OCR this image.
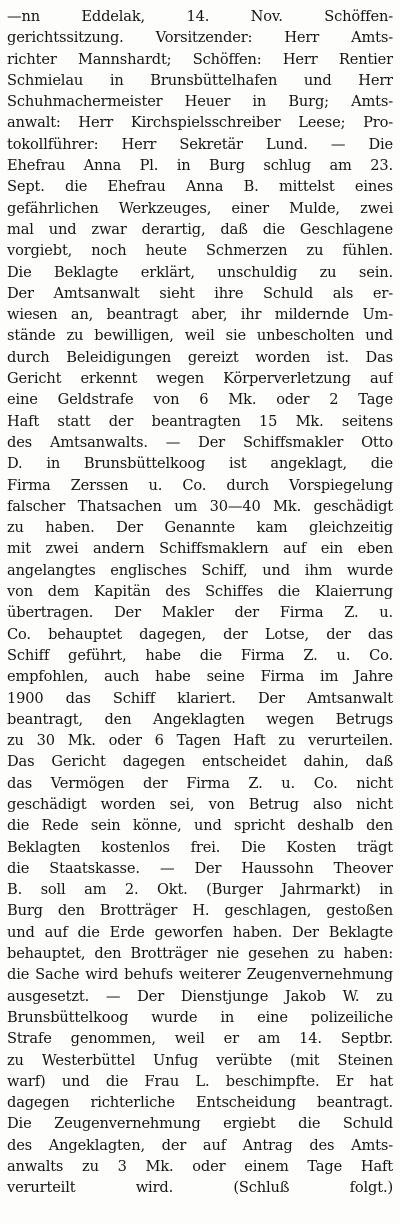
—nn Eddelak, 14. Nov. Schöffen-
gerichtssitzung. Vorsitzender: Herr Amts-
richter Mannshardt; Schöffen: Herr Rentier
Schmielau in Brunsbüttelhafen und Herr
Schuhmachermeister Heuer in Burg; Amts-
anwalt: Herr Kirchspielsschreiber Leese; Pro-
tokollführer: Herr Sekretär Lund. — Die
Ehefrau Anna Pl. in Burg schlug am 23.
Sept. die Ehefrau Anna B. mittelst eines
gefährlichen Werkzeuges, einer Mulde, zwei
mal und zwar derartig, daß die Geschlagene
vorgiebt, noch heute Schmerzen zu fühlen.
Die Beklagte erklärt, unschuldig zu sein.
Der Amtsanwalt sieht ihre Schuld als er-
wiesen an, beantragt aber, ihr mildernde Um-
stände zu bewilligen, weil sie unbescholten und
durch Beleidigungen gereizt worden ist. Das
Gericht erkennt wegen Körperverletzung auf
eine Geldstrafe von 6 Mk. oder 2 Tage
Haft statt der beantragten 15 Mk. seitens
des Amtsanwalts. — Der Schiffsmakler Otto
D. in Brunsbüttelkoog ist angeklagt, die
Firma Zerssen u. Co. durch Vorspiegelung
falscher Thatsachen um 30—40 Mk. geschädigt
zu haben. Der Genannte kam gleichzeitig
mit zwei andern Schiffsmaklern auf ein eben
angelangtes englisches Schiff, und ihm wurde
von dem Kapitän des Schiffes die Klaierrung
übertragen. Der Makler der Firma Z. u.
Co. behauptet dagegen, der Lotse, der das
Schiff geführt, habe die Firma Z. u. Co.
empfohlen, auch habe seine Firma im Jahre
1900 das Schiff klariert. Der Amtsanwalt
beantragt, den Angeklagten wegen Betrugs
zu 30 Mk. oder 6 Tagen Haft zu verurteilen.
Das Gericht dagegen entscheidet dahin, daß
das Vermögen der Firma Z. u. Co. nicht
geschädigt worden sei, von Betrug also nicht
die Rede sein könne, und spricht deshalb den
Beklagten kostenlos frei. Die Kosten trägt
die Staatskasse. — Der Haussohn Theover
B. soll am 2. Okt. (Burger Jahrmarkt) in
Burg den Brotträger H. geschlagen, gestoßen
und auf die Erde geworfen haben. Der Beklagte
behauptet, den Brotträger nie gesehen zu haben:
die Sache wird behufs weiterer Zeugenvernehmung
ausgesetzt. — Der Dienstjunge Jakob W. zu
Brunsbüttelkoog wurde in eine polizeiliche
Strafe genommen, weil er am 14. Septbr.
zu Westerbüttel Unfug verübte (mit Steinen
warf) und die Frau L. beschimpfte. Er hat
dagegen richterliche Entscheidung beantragt.
Die Zeugenvernehmung ergiebt die Schuld
des Angeklagten, der auf Antrag des Amts-
anwalts zu 3 Mk. oder einem Tage Haft
verurteilt wird. (Schluß folgt.)
